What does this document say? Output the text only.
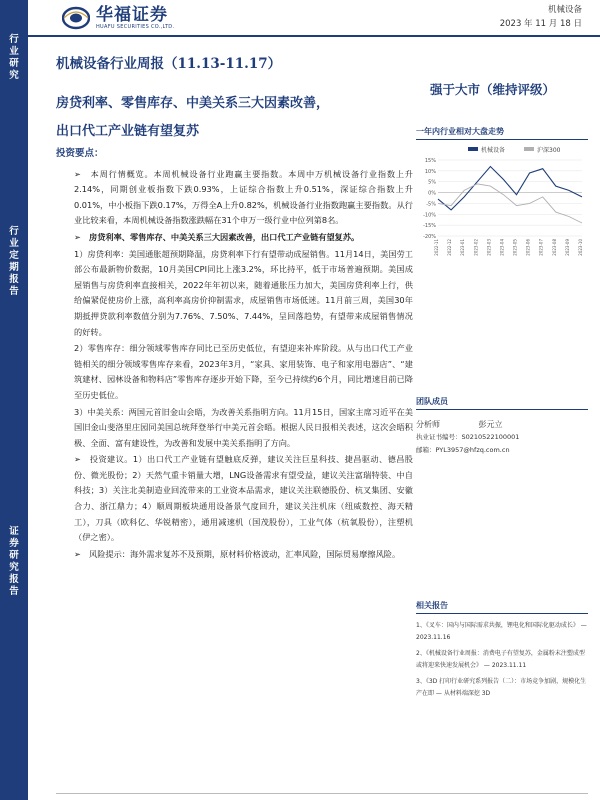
行
业
研
究
行
业
定
期
报
告
证
券
研
究
报
告
华福证券
HUAFU SECURITIES CO.,LTD.
机械设备
2023 年 11 月 18 日
机械设备行业周报（11.13-11.17）
房贷利率、零售库存、中美关系三大因素改善，
出口代工产业链有望复苏
强于大市（维持评级）
一年内行业相对大盘走势
机械设备	沪深300
15%
10%
5%
0%
-5%
-10%
-15%
-20%
2022-11 2022-12 2023-01 2023-02 2023-03 2023-04 2023-05 2023-06 2023-07 2023-08 2023-09 2023-10
团队成员
分析师	彭元立
执业证书编号：S0210522100001
邮箱：PYL3957@hfzq.com.cn
相关报告
1、《叉车：国内与国际需求共振，锂电化和国际化驱动成长》 — 2023.11.16
2、《机械设备行业周报：消费电子有望复苏，金属粉末注塑成型或将迎来快速发展机会》 — 2023.11.11
3、《3D 打印行业研究系列报告（二）：市场竞争加剧，规模化生产在即 — 从材料端深挖 3D
投资要点：
➢　本周行情概览。本周机械设备行业跑赢主要指数。本周中万机械设备行业指数上升2.14%，同期创业板指数下跌0.93%，上证综合指数上升0.51%，深证综合指数上升0.01%，中小板指下跌0.17%，万得全A上升0.82%，机械设备行业指数跑赢主要指数。从行业比较来看，本周机械设备指数涨跌幅在31个申万一级行业中位列第8名。
➢　房贷利率、零售库存、中美关系三大因素改善，出口代工产业链有望复苏。
1）房贷利率：美国通胀超预期降温，房贷利率下行有望带动成屋销售。11月14日，美国劳工部公布最新物价数据，10月美国CPI同比上涨3.2%，环比持平，低于市场普遍预期。美国成屋销售与房贷利率直接相关，2022年年初以来，随着通胀压力加大，美国房贷利率上行，供给偏紧促使房价上涨，高利率高房价抑制需求，成屋销售市场低迷。11月前三周，美国30年期抵押贷款利率数值分别为7.76%、7.50%、7.44%，呈回落趋势，有望带来成屋销售情况的好转。
2）零售库存：细分领域零售库存同比已至历史低位，有望迎来补库阶段。从与出口代工产业链相关的细分领域零售库存来看，2023年3月，“家具、家用装饰、电子和家用电器店”、“建筑建材、园林设备和物料店”零售库存逐步开始下降，至今已持续约6个月，同比增速目前已降至历史低位。
3）中美关系：两国元首旧金山会晤，为改善关系指明方向。11月15日，国家主席习近平在美国旧金山斐洛里庄园同美国总统拜登举行中美元首会晤。根据人民日报相关表述，这次会晤积极、全面、富有建设性，为改善和发展中美关系指明了方向。
➢　投资建议。1）出口代工产业链有望触底反弹，建议关注巨星科技、捷昌驱动、德昌股份、微光股份；2）天然气重卡销量大增，LNG设备需求有望受益，建议关注富瑞特装、中自科技；3）关注北美制造业回流带来的工业资本品需求，建议关注联德股份、杭叉集团、安徽合力、浙江鼎力；4）顺周期板块通用设备景气度回升，建议关注机床（纽威数控、海天精工），刀具（欧科亿、华锐精密），通用减速机（国茂股份），工业气体（杭氧股份），注塑机（伊之密）。
➢　风险提示：海外需求复苏不及预期，原材料价格波动，汇率风险，国际贸易摩擦风险。
